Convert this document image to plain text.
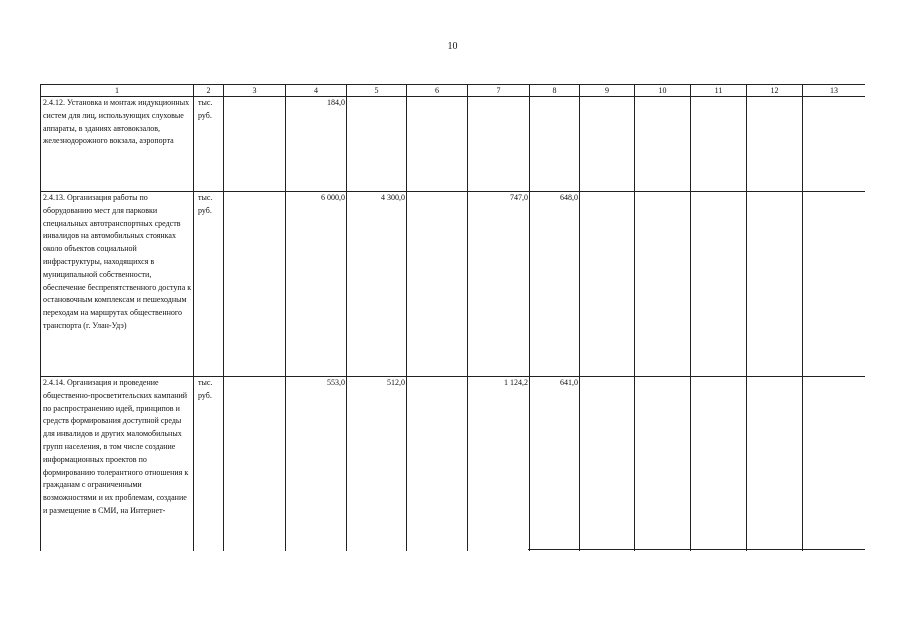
10
1	2	3	4	5	6	7	8	9	10	11	12	13
2.4.12. Установка и монтаж индукционных систем для лиц, использующих слуховые аппараты, в зданиях автовокзалов, железнодорожного вокзала, аэропорта	тыс. руб.		184,0									
2.4.13. Организация работы по оборудованию мест для парковки специальных автотранспортных средств инвалидов на автомобильных стоянках около объектов социальной инфраструктуры, находящихся в муниципальной собственности, обеспечение беспрепятственного доступа к остановочным комплексам и пешеходным переходам на маршрутах общественного транспорта (г. Улан-Удэ)	тыс. руб.		6 000,0	4 300,0		747,0	648,0					
2.4.14. Организация и проведение общественно-просветительских кампаний по распространению идей, принципов и средств формирования доступной среды для инвалидов и других маломобильных групп населения, в том числе создание информационных проектов по формированию толерантного отношения к гражданам с ограниченными возможностями и их проблемам, создание и размещение в СМИ, на Интернет-	тыс. руб.		553,0	512,0		1 124,2	641,0					
